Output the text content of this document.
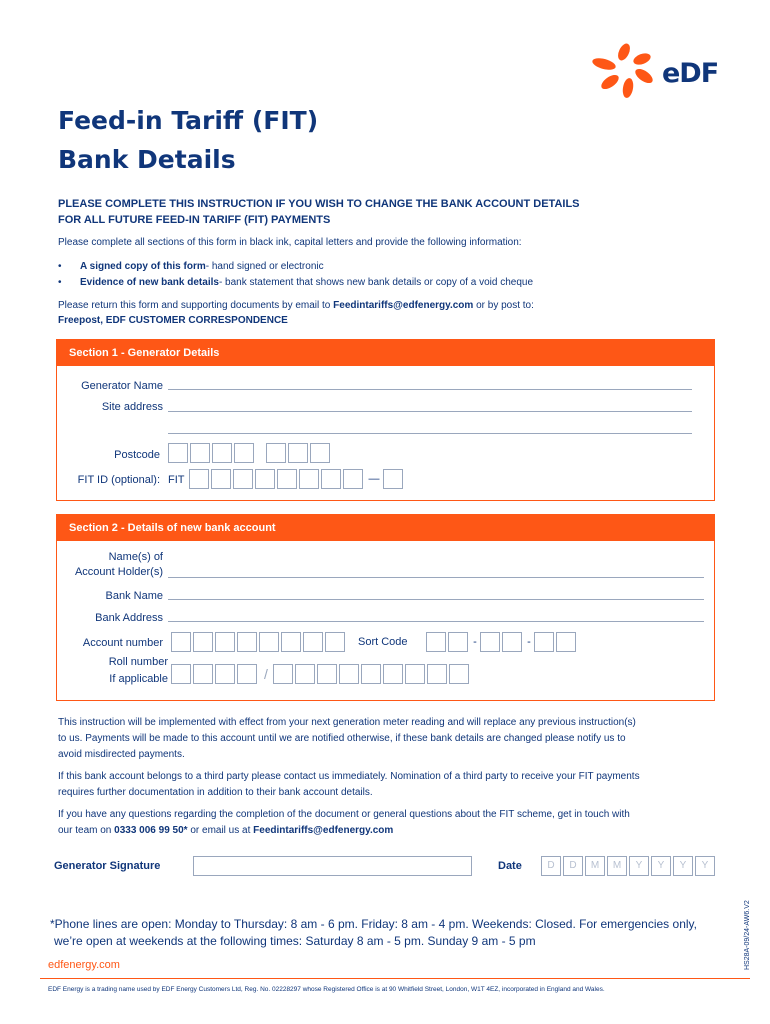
eDF
Feed-in Tariff (FIT)
Bank Details
PLEASE COMPLETE THIS INSTRUCTION IF YOU WISH TO CHANGE THE BANK ACCOUNT DETAILS
FOR ALL FUTURE FEED-IN TARIFF (FIT) PAYMENTS
Please complete all sections of this form in black ink, capital letters and provide the following information:
•	A signed copy of this form - hand signed or electronic
•	Evidence of new bank details - bank statement that shows new bank details or copy of a void cheque
Please return this form and supporting documents by email to Feedintariffs@edfenergy.com or by post to:
Freepost, EDF CUSTOMER CORRESPONDENCE
Section 1 - Generator Details
Generator Name
Site address
Postcode
FIT ID (optional): FIT	—
Section 2 - Details of new bank account
Name(s) of
Account Holder(s)
Bank Name
Bank Address
Account number	Sort Code	-	-
Roll number
If applicable	/
This instruction will be implemented with effect from your next generation meter reading and will replace any previous instruction(s)
to us. Payments will be made to this account until we are notified otherwise, if these bank details are changed please notify us to
avoid misdirected payments.
If this bank account belongs to a third party please contact us immediately. Nomination of a third party to receive your FIT payments
requires further documentation in addition to their bank account details.
If you have any questions regarding the completion of the document or general questions about the FIT scheme, get in touch with
our team on 0333 006 99 50* or email us at Feedintariffs@edfenergy.com
Generator Signature	Date	D	D	M	M	Y	Y	Y	Y
*Phone lines are open: Monday to Thursday: 8 am - 6 pm. Friday: 8 am - 4 pm. Weekends: Closed. For emergencies only,
we’re open at weekends at the following times: Saturday 8 am - 5 pm. Sunday 9 am - 5 pm
edfenergy.com
EDF Energy is a trading name used by EDF Energy Customers Ltd, Reg. No. 02228297 whose Registered Office is at 90 Whitfield Street, London, W1T 4EZ, incorporated in England and Wales.
HS28A-09/24-AW6.V2
